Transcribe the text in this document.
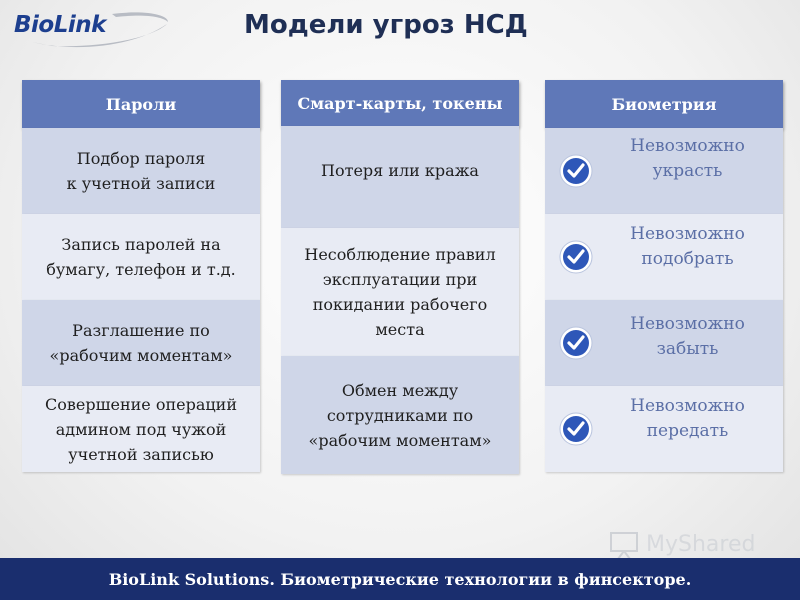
BioLink	Модели угроз НСД
Пароли
Подбор пароля
к учетной записи
Запись паролей на
бумагу, телефон и т.д.
Разглашение по
«рабочим моментам»
Совершение операций
админом под чужой
учетной записью
Смарт-карты, токены
Потеря или кража
Несоблюдение правил
эксплуатации при
покидании рабочего
места
Обмен между
сотрудниками по
«рабочим моментам»
Биометрия
Невозможно
украсть
Невозможно
подобрать
Невозможно
забыть
Невозможно
передать
MyShared
BioLink Solutions. Биометрические технологии в финсекторе.
